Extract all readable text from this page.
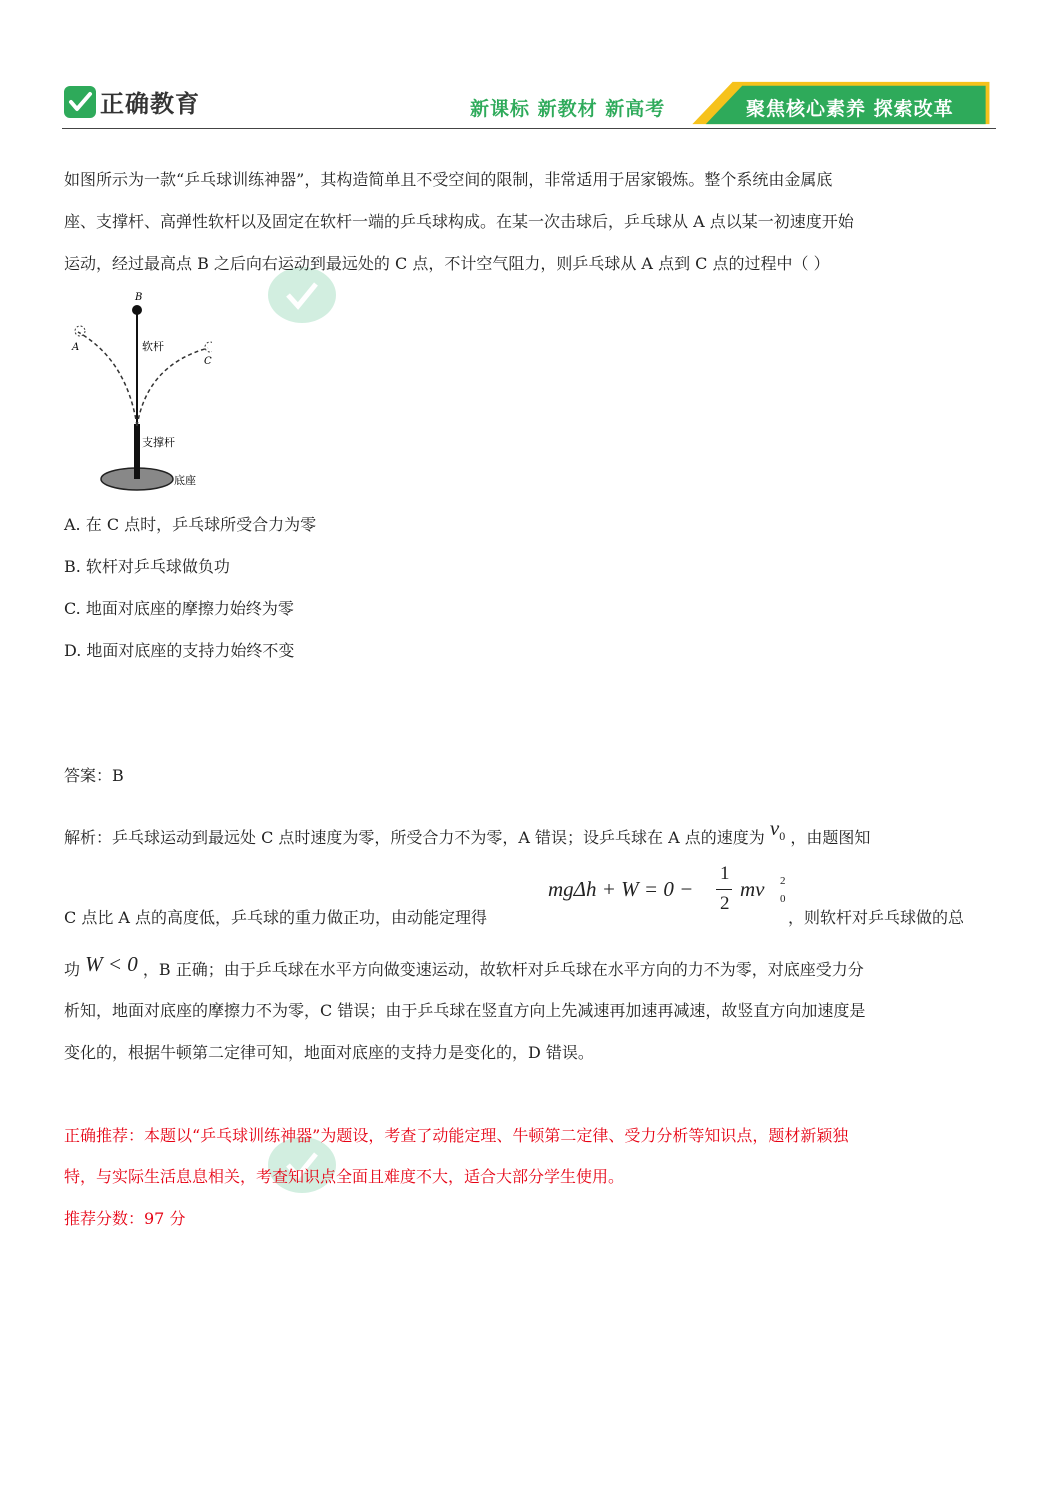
正确教育	新课标 新教材 新高考	聚焦核心素养 探索改革
如图所示为一款“乒乓球训练神器”，其构造简单且不受空间的限制，非常适用于居家锻炼。整个系统由金属底
座、支撑杆、高弹性软杆以及固定在软杆一端的乒乓球构成。在某一次击球后，乒乓球从 A 点以某一初速度开始
运动，经过最高点 B 之后向右运动到最远处的 C 点，不计空气阻力，则乒乓球从 A 点到 C 点的过程中（ ）
B
A
C
软杆
支撑杆
底座
A. 在 C 点时，乒乓球所受合力为零
B. 软杆对乒乓球做负功
C. 地面对底座的摩擦力始终为零
D. 地面对底座的支持力始终不变
答案：B
解析：乒乓球运动到最远处 C 点时速度为零，所受合力不为零，A 错误；设乒乓球在 A 点的速度为 $v_0$ ，由题图知
mgΔh + W = 0 −
1
2
mv 2
0
C 点比 A 点的高度低，乒乓球的重力做正功，由动能定理得	，则软杆对乒乓球做的总
功 W < 0 ，B 正确；由于乒乓球在水平方向做变速运动，故软杆对乒乓球在水平方向的力不为零，对底座受力分
析知，地面对底座的摩擦力不为零，C 错误；由于乒乓球在竖直方向上先减速再加速再减速，故竖直方向加速度是
变化的，根据牛顿第二定律可知，地面对底座的支持力是变化的，D 错误。
正确推荐：本题以“乒乓球训练神器”为题设，考查了动能定理、牛顿第二定律、受力分析等知识点，题材新颖独
特，与实际生活息息相关，考查知识点全面且难度不大，适合大部分学生使用。
推荐分数：97 分
